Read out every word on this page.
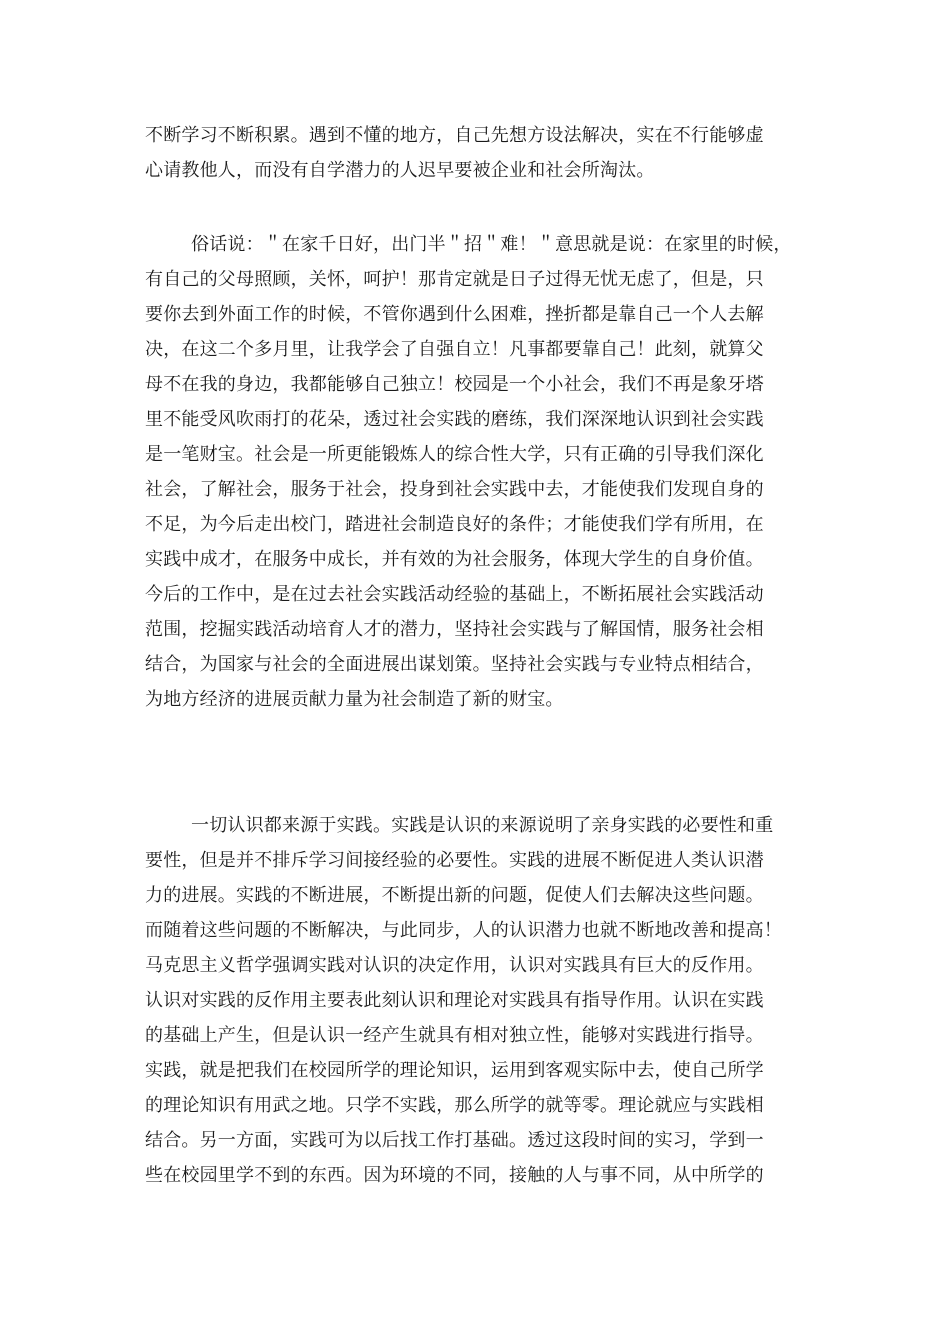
不断学习不断积累。遇到不懂的地方，自己先想方设法解决，实在不行能够虚
心请教他人，而没有自学潜力的人迟早要被企业和社会所淘汰。
俗话说：＂在家千日好，出门半＂招＂难！＂意思就是说：在家里的时候，
有自己的父母照顾，关怀，呵护！那肯定就是日子过得无忧无虑了，但是，只
要你去到外面工作的时候，不管你遇到什么困难，挫折都是靠自己一个人去解
决，在这二个多月里，让我学会了自强自立！凡事都要靠自己！此刻，就算父
母不在我的身边，我都能够自己独立！校园是一个小社会，我们不再是象牙塔
里不能受风吹雨打的花朵，透过社会实践的磨练，我们深深地认识到社会实践
是一笔财宝。社会是一所更能锻炼人的综合性大学，只有正确的引导我们深化
社会，了解社会，服务于社会，投身到社会实践中去，才能使我们发现自身的
不足，为今后走出校门，踏进社会制造良好的条件；才能使我们学有所用，在
实践中成才，在服务中成长，并有效的为社会服务，体现大学生的自身价值。
今后的工作中，是在过去社会实践活动经验的基础上，不断拓展社会实践活动
范围，挖掘实践活动培育人才的潜力，坚持社会实践与了解国情，服务社会相
结合，为国家与社会的全面进展出谋划策。坚持社会实践与专业特点相结合，
为地方经济的进展贡献力量为社会制造了新的财宝。
一切认识都来源于实践。实践是认识的来源说明了亲身实践的必要性和重
要性，但是并不排斥学习间接经验的必要性。实践的进展不断促进人类认识潜
力的进展。实践的不断进展，不断提出新的问题，促使人们去解决这些问题。
而随着这些问题的不断解决，与此同步，人的认识潜力也就不断地改善和提高！
马克思主义哲学强调实践对认识的决定作用，认识对实践具有巨大的反作用。
认识对实践的反作用主要表此刻认识和理论对实践具有指导作用。认识在实践
的基础上产生，但是认识一经产生就具有相对独立性，能够对实践进行指导。
实践，就是把我们在校园所学的理论知识，运用到客观实际中去，使自己所学
的理论知识有用武之地。只学不实践，那么所学的就等零。理论就应与实践相
结合。另一方面，实践可为以后找工作打基础。透过这段时间的实习，学到一
些在校园里学不到的东西。因为环境的不同，接触的人与事不同，从中所学的
